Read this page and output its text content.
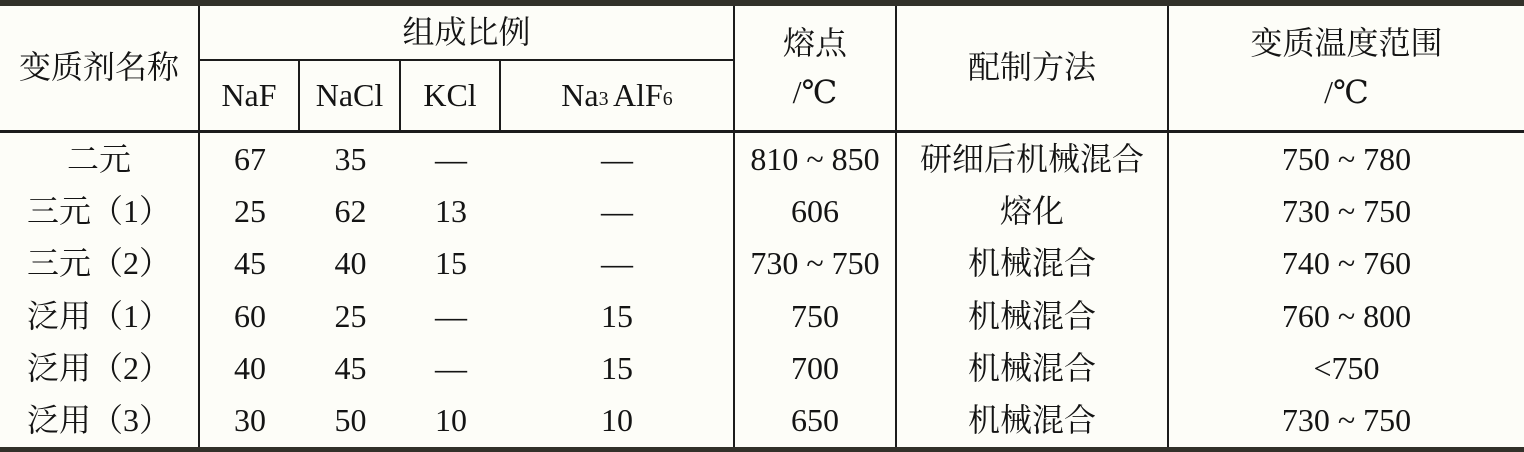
变质剂名称
组成比例
NaF	NaCl	KCl	$Na_3$ AlF$_6$
熔点
/℃
配制方法
变质温度范围
/℃
二元	67	35	—	—	810 ~ 850	研细后机械混合	750 ~ 780
三元（1）	25	62	13	—	606	熔化	730 ~ 750
三元（2）	45	40	15	—	730 ~ 750	机械混合	740 ~ 760
泛用（1）	60	25	—	15	750	机械混合	760 ~ 800
泛用（2）	40	45	—	15	700	机械混合	<750
泛用（3）	30	50	10	10	650	机械混合	730 ~ 750
